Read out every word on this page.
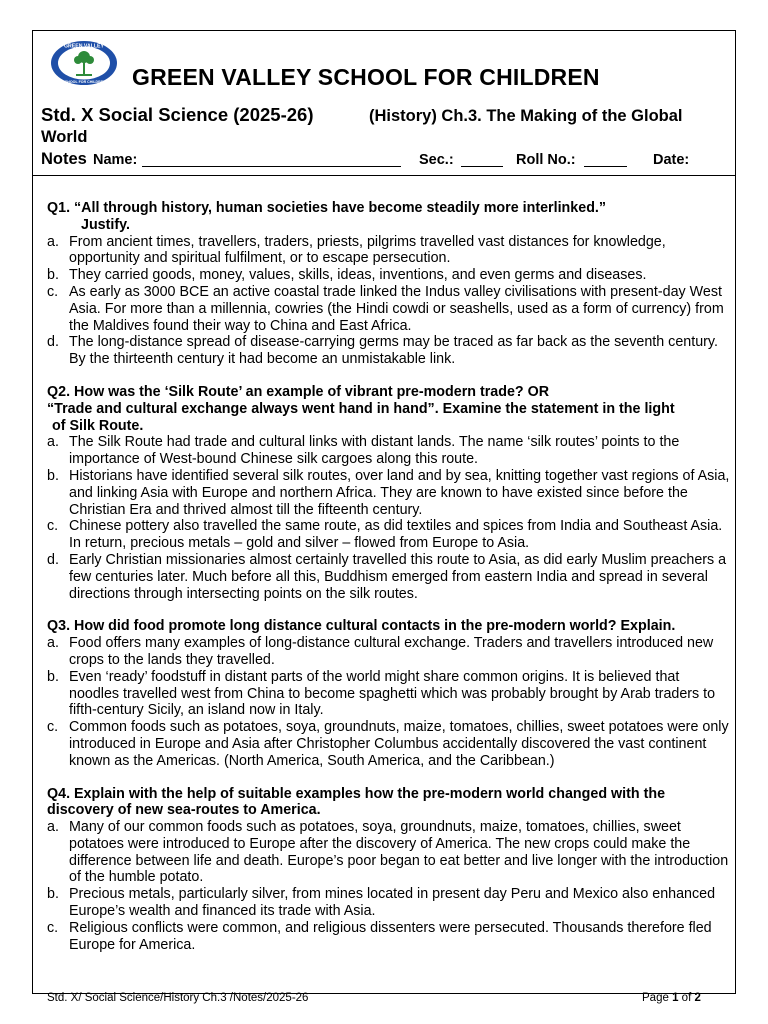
GREEN VALLEY
SCHOOL FOR CHILDREN GREEN VALLEY SCHOOL FOR CHILDREN
Std. X Social Science (2025-26)	(History) Ch.3. The Making of the Global
World
Notes Name:	Sec.:	Roll No.:	Date:

Q1. “All through history, human societies have become steadily more interlinked.”
Justify.

a. From ancient times, travellers, traders, priests, pilgrims travelled vast distances for knowledge, opportunity and spiritual fulfilment, or to escape persecution.
b. They carried goods, money, values, skills, ideas, inventions, and even germs and diseases.
c. As early as 3000 BCE an active coastal trade linked the Indus valley civilisations with present-day West Asia. For more than a millennia, cowries (the Hindi cowdi or seashells, used as a form of currency) from the Maldives found their way to China and East Africa.
d. The long-distance spread of disease-carrying germs may be traced as far back as the seventh century. By the thirteenth century it had become an unmistakable link.

Q2. How was the ‘Silk Route’ an example of vibrant pre-modern trade? OR
“Trade and cultural exchange always went hand in hand”. Examine the statement in the light
of Silk Route.

a. The Silk Route had trade and cultural links with distant lands. The name ‘silk routes’ points to the importance of West-bound Chinese silk cargoes along this route.
b. Historians have identified several silk routes, over land and by sea, knitting together vast regions of Asia, and linking Asia with Europe and northern Africa. They are known to have existed since before the Christian Era and thrived almost till the fifteenth century.
c. Chinese pottery also travelled the same route, as did textiles and spices from India and Southeast Asia. In return, precious metals – gold and silver – flowed from Europe to Asia.
d. Early Christian missionaries almost certainly travelled this route to Asia, as did early Muslim preachers a few centuries later. Much before all this, Buddhism emerged from eastern India and spread in several directions through intersecting points on the silk routes.

Q3. How did food promote long distance cultural contacts in the pre-modern world? Explain.

a. Food offers many examples of long-distance cultural exchange. Traders and travellers introduced new crops to the lands they travelled.
b. Even ‘ready’ foodstuff in distant parts of the world might share common origins. It is believed that noodles travelled west from China to become spaghetti which was probably brought by Arab traders to fifth-century Sicily, an island now in Italy.
c. Common foods such as potatoes, soya, groundnuts, maize, tomatoes, chillies, sweet potatoes were only introduced in Europe and Asia after Christopher Columbus accidentally discovered the vast continent known as the Americas. (North America, South America, and the Caribbean.)

Q4. Explain with the help of suitable examples how the pre-modern world changed with the
discovery of new sea-routes to America.

a. Many of our common foods such as potatoes, soya, groundnuts, maize, tomatoes, chillies, sweet potatoes were introduced to Europe after the discovery of America. The new crops could make the difference between life and death. Europe’s poor began to eat better and live longer with the introduction of the humble potato.
b. Precious metals, particularly silver, from mines located in present day Peru and Mexico also enhanced Europe’s wealth and financed its trade with Asia.
c. Religious conflicts were common, and religious dissenters were persecuted. Thousands therefore fled Europe for America.
Std. X/ Social Science/History Ch.3 /Notes/2025-26	Page 1 of 2
